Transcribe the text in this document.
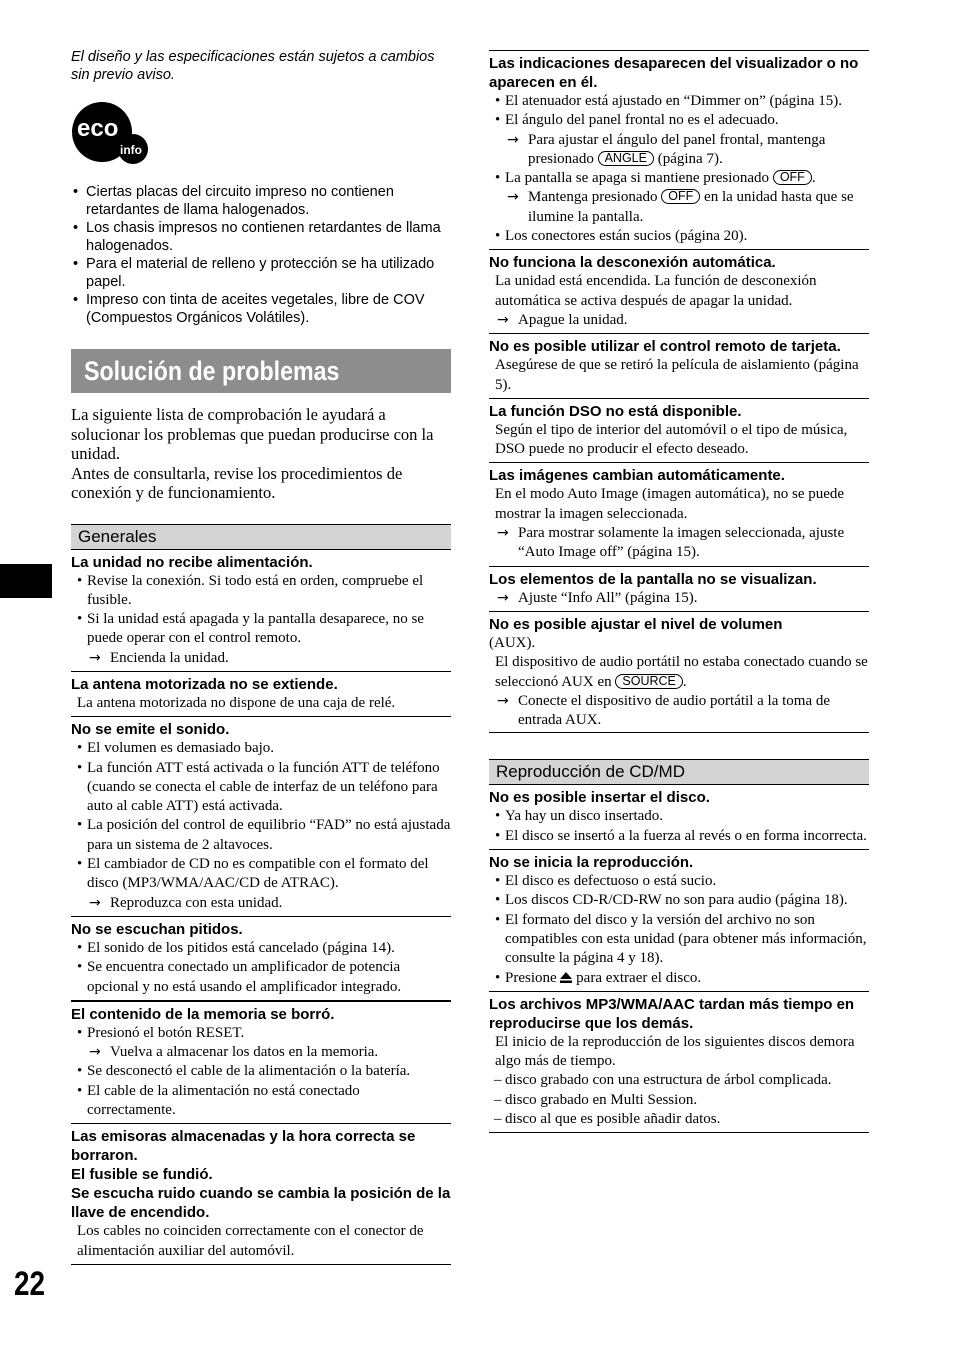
El diseño y las especificaciones están sujetos a cambios sin previo aviso.
eco
info
• Ciertas placas del circuito impreso no contienen retardantes de llama halogenados.
• Los chasis impresos no contienen retardantes de llama halogenados.
• Para el material de relleno y protección se ha utilizado papel.
• Impreso con tinta de aceites vegetales, libre de COV (Compuestos Orgánicos Volátiles).
Solución de problemas
La siguiente lista de comprobación le ayudará a solucionar los problemas que puedan producirse con la unidad.
Antes de consultarla, revise los procedimientos de conexión y de funcionamiento.
Generales
La unidad no recibe alimentación.
• Revise la conexión. Si todo está en orden, compruebe el fusible.
• Si la unidad está apagada y la pantalla desaparece, no se puede operar con el control remoto.
→ Encienda la unidad.
La antena motorizada no se extiende.
La antena motorizada no dispone de una caja de relé.
No se emite el sonido.
• El volumen es demasiado bajo.
• La función ATT está activada o la función ATT de teléfono (cuando se conecta el cable de interfaz de un teléfono para auto al cable ATT) está activada.
• La posición del control de equilibrio “FAD” no está ajustada para un sistema de 2 altavoces.
• El cambiador de CD no es compatible con el formato del disco (MP3/WMA/AAC/CD de ATRAC).
→ Reproduzca con esta unidad.
No se escuchan pitidos.
• El sonido de los pitidos está cancelado (página 14).
• Se encuentra conectado un amplificador de potencia opcional y no está usando el amplificador integrado.
El contenido de la memoria se borró.
• Presionó el botón RESET.
→ Vuelva a almacenar los datos en la memoria.
• Se desconectó el cable de la alimentación o la batería.
• El cable de la alimentación no está conectado correctamente.
Las emisoras almacenadas y la hora correcta se borraron.
El fusible se fundió.
Se escucha ruido cuando se cambia la posición de la llave de encendido.
Los cables no coinciden correctamente con el conector de alimentación auxiliar del automóvil.
Las indicaciones desaparecen del visualizador o no aparecen en él.
• El atenuador está ajustado en “Dimmer on” (página 15).
• El ángulo del panel frontal no es el adecuado.
→ Para ajustar el ángulo del panel frontal, mantenga presionado ANGLE (página 7).
• La pantalla se apaga si mantiene presionado OFF .
→ Mantenga presionado OFF en la unidad hasta que se ilumine la pantalla.
• Los conectores están sucios (página 20).
No funciona la desconexión automática.
La unidad está encendida. La función de desconexión automática se activa después de apagar la unidad.
→ Apague la unidad.
No es posible utilizar el control remoto de tarjeta.
Asegúrese de que se retiró la película de aislamiento (página 5).
La función DSO no está disponible.
Según el tipo de interior del automóvil o el tipo de música, DSO puede no producir el efecto deseado.
Las imágenes cambian automáticamente.
En el modo Auto Image (imagen automática), no se puede mostrar la imagen seleccionada.
→ Para mostrar solamente la imagen seleccionada, ajuste “Auto Image off” (página 15).
Los elementos de la pantalla no se visualizan.
→ Ajuste “Info All” (página 15).
No es posible ajustar el nivel de volumen
(AUX).
El dispositivo de audio portátil no estaba conectado cuando se seleccionó AUX en SOURCE .
→ Conecte el dispositivo de audio portátil a la toma de entrada AUX.
Reproducción de CD/MD
No es posible insertar el disco.
• Ya hay un disco insertado.
• El disco se insertó a la fuerza al revés o en forma incorrecta.
No se inicia la reproducción.
• El disco es defectuoso o está sucio.
• Los discos CD-R/CD-RW no son para audio (página 18).
• El formato del disco y la versión del archivo no son compatibles con esta unidad (para obtener más información, consulte la página 4 y 18).
• Presione para extraer el disco.
Los archivos MP3/WMA/AAC tardan más tiempo en reproducirse que los demás.
El inicio de la reproducción de los siguientes discos demora algo más de tiempo.
– disco grabado con una estructura de árbol complicada.
– disco grabado en Multi Session.
– disco al que es posible añadir datos.
22
